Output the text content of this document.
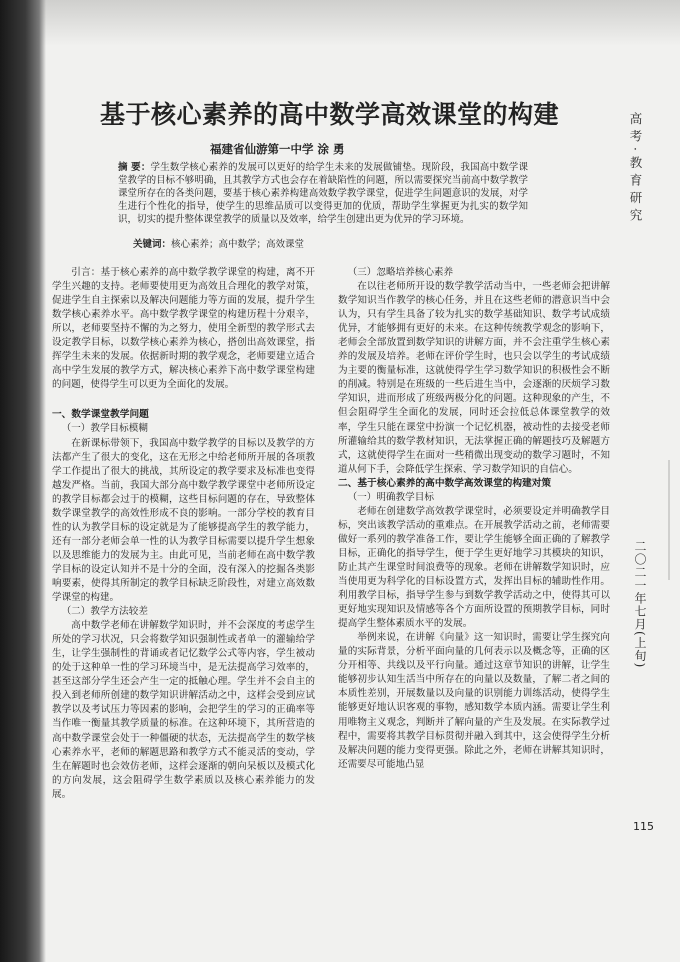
基于核心素养的高中数学高效课堂的构建
福建省仙游第一中学 涂 勇
摘 要：学生数学核心素养的发展可以更好的给学生未来的发展做铺垫。现阶段，我国高中数学课堂教学的目标不够明确，且其教学方式也会存在着缺陷性的问题，所以需要探究当前高中数学教学课堂所存在的各类问题，要基于核心素养构建高效数学教学课堂，促进学生问题意识的发展，对学生进行个性化的指导，使学生的思维品质可以变得更加的优质，帮助学生掌握更为扎实的数学知识，切实的提升整体课堂教学的质量以及效率，给学生创建出更为优异的学习环境。
关键词：核心素养；高中数学；高效课堂

引言：基于核心素养的高中数学教学课堂的构建，离不开学生兴趣的支持。老师要使用更为高效且合理化的教学对策，促进学生自主探索以及解决问题能力等方面的发展，提升学生数学核心素养水平。高中数学教学课堂的构建历程十分艰辛，所以，老师要坚持不懈的为之努力，使用全新型的教学形式去设定教学目标，以数学核心素养为核心，搭创出高效课堂，指挥学生未来的发展。依据新时期的教学观念，老师要建立适合高中学生发展的教学方式，解决核心素养下高中数学课堂构建的问题，使得学生可以更为全面化的发展。

一、数学课堂教学问题

（一）教学目标模糊

在新课标带领下，我国高中数学教学的目标以及教学的方法都产生了很大的变化，这在无形之中给老师所开展的各项教学工作提出了很大的挑战，其所设定的教学要求及标准也变得越发严格。当前，我国大部分高中数学教学课堂中老师所设定的教学目标都会过于的模糊，这些目标问题的存在，导致整体数学课堂教学的高效性形成不良的影响。一部分学校的教育目性的认为教学目标的设定就是为了能够提高学生的教学能力，还有一部分老师会单一性的认为教学目标需要以提升学生想象以及思维能力的发展为主。由此可见，当前老师在高中数学教学目标的设定认知并不是十分的全面，没有深入的挖掘各类影响要素，使得其所制定的教学目标缺乏阶段性，对建立高效数学课堂的构建。

（二）教学方法较差

高中数学老师在讲解数学知识时，并不会深度的考虑学生所处的学习状况，只会将数学知识强制性或者单一的灌输给学生，让学生强制性的背诵或者记忆数学公式等内容，学生被动的处于这种单一性的学习环境当中，是无法提高学习效率的，甚至这部分学生还会产生一定的抵触心理。学生并不会自主的投入到老师所创建的数学知识讲解活动之中，这样会受到应试教学以及考试压力等因素的影响，会把学生的学习的正确率等当作唯一衡量其教学质量的标准。在这种环境下，其所营造的高中数学课堂会处于一种僵硬的状态，无法提高学生的数学核心素养水平，老师的解题思路和教学方式不能灵活的变动，学生在解题时也会效仿老师，这样会逐渐的朝向呆板以及模式化的方向发展，这会阻碍学生数学素质以及核心素养能力的发展。

（三）忽略培养核心素养

在以往老师所开设的数学教学活动当中，一些老师会把讲解数学知识当作教学的核心任务，并且在这些老师的潜意识当中会认为，只有学生具备了较为扎实的数学基础知识、数学考试成绩优异，才能够拥有更好的未来。在这种传统教学观念的影响下，老师会全部放置到数学知识的讲解方面，并不会注重学生核心素养的发展及培养。老师在评价学生时，也只会以学生的考试成绩为主要的衡量标准，这就使得学生学习数学知识的积极性会不断的削减。特别是在班级的一些后进生当中，会逐渐的厌烦学习数学知识，进而形成了班级两极分化的问题。这种现象的产生，不但会阻碍学生全面化的发展，同时还会拉低总体课堂教学的效率，学生只能在课堂中扮演一个记忆机器，被动性的去接受老师所灌输给其的数学教材知识，无法掌握正确的解题技巧及解题方式，这就使得学生在面对一些稍微出现变动的数学习题时，不知道从何下手，会降低学生探索、学习数学知识的自信心。

二、基于核心素养的高中数学高效课堂的构建对策

（一）明确教学目标

老师在创建数学高效教学课堂时，必须要设定并明确教学目标，突出该教学活动的重难点。在开展教学活动之前，老师需要做好一系列的教学准备工作，要让学生能够全面正确的了解教学目标，正确化的指导学生，便于学生更好地学习其模块的知识，防止其产生课堂时间浪费等的现象。老师在讲解数学知识时，应当使用更为科学化的目标设置方式，发挥出目标的辅助性作用。利用教学目标，指导学生参与到数学教学活动之中，使得其可以更好地实现知识及情感等各个方面所设置的预期教学目标，同时提高学生整体素质水平的发展。

举例来说，在讲解《向量》这一知识时，需要让学生探究向量的实际背景，分析平面向量的几何表示以及概念等，正确的区分开相等、共线以及平行向量。通过这章节知识的讲解，让学生能够初步认知生活当中所存在的向量以及数量，了解二者之间的本质性差别，开展数量以及向量的识别能力训练活动，使得学生能够更好地认识客观的事物，感知数学本质内涵。需要让学生利用唯物主义观念，判断并了解向量的产生及发展。在实际教学过程中，需要将其教学目标贯彻并融入到其中，这会使得学生分析及解决问题的能力变得更强。除此之外，老师在讲解其知识时，还需要尽可能地凸显

高考·教育研究
二〇二一年七月(上旬)
115
